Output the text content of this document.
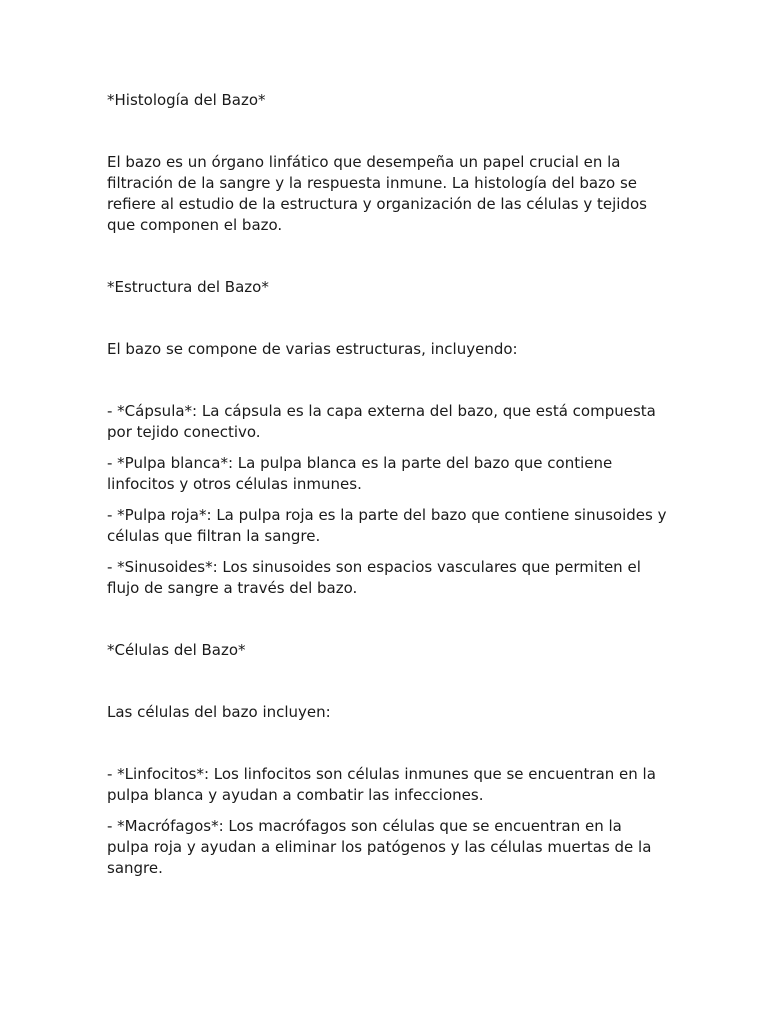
*Histología del Bazo*

El bazo es un órgano linfático que desempeña un papel crucial en la filtración de la sangre y la respuesta inmune. La histología del bazo se refiere al estudio de la estructura y organización de las células y tejidos que componen el bazo.

*Estructura del Bazo*

El bazo se compone de varias estructuras, incluyendo:

- *Cápsula*: La cápsula es la capa externa del bazo, que está compuesta por tejido conectivo.

- *Pulpa blanca*: La pulpa blanca es la parte del bazo que contiene linfocitos y otros células inmunes.

- *Pulpa roja*: La pulpa roja es la parte del bazo que contiene sinusoides y células que filtran la sangre.

- *Sinusoides*: Los sinusoides son espacios vasculares que permiten el flujo de sangre a través del bazo.

*Células del Bazo*

Las células del bazo incluyen:

- *Linfocitos*: Los linfocitos son células inmunes que se encuentran en la pulpa blanca y ayudan a combatir las infecciones.

- *Macrófagos*: Los macrófagos son células que se encuentran en la pulpa roja y ayudan a eliminar los patógenos y las células muertas de la sangre.
